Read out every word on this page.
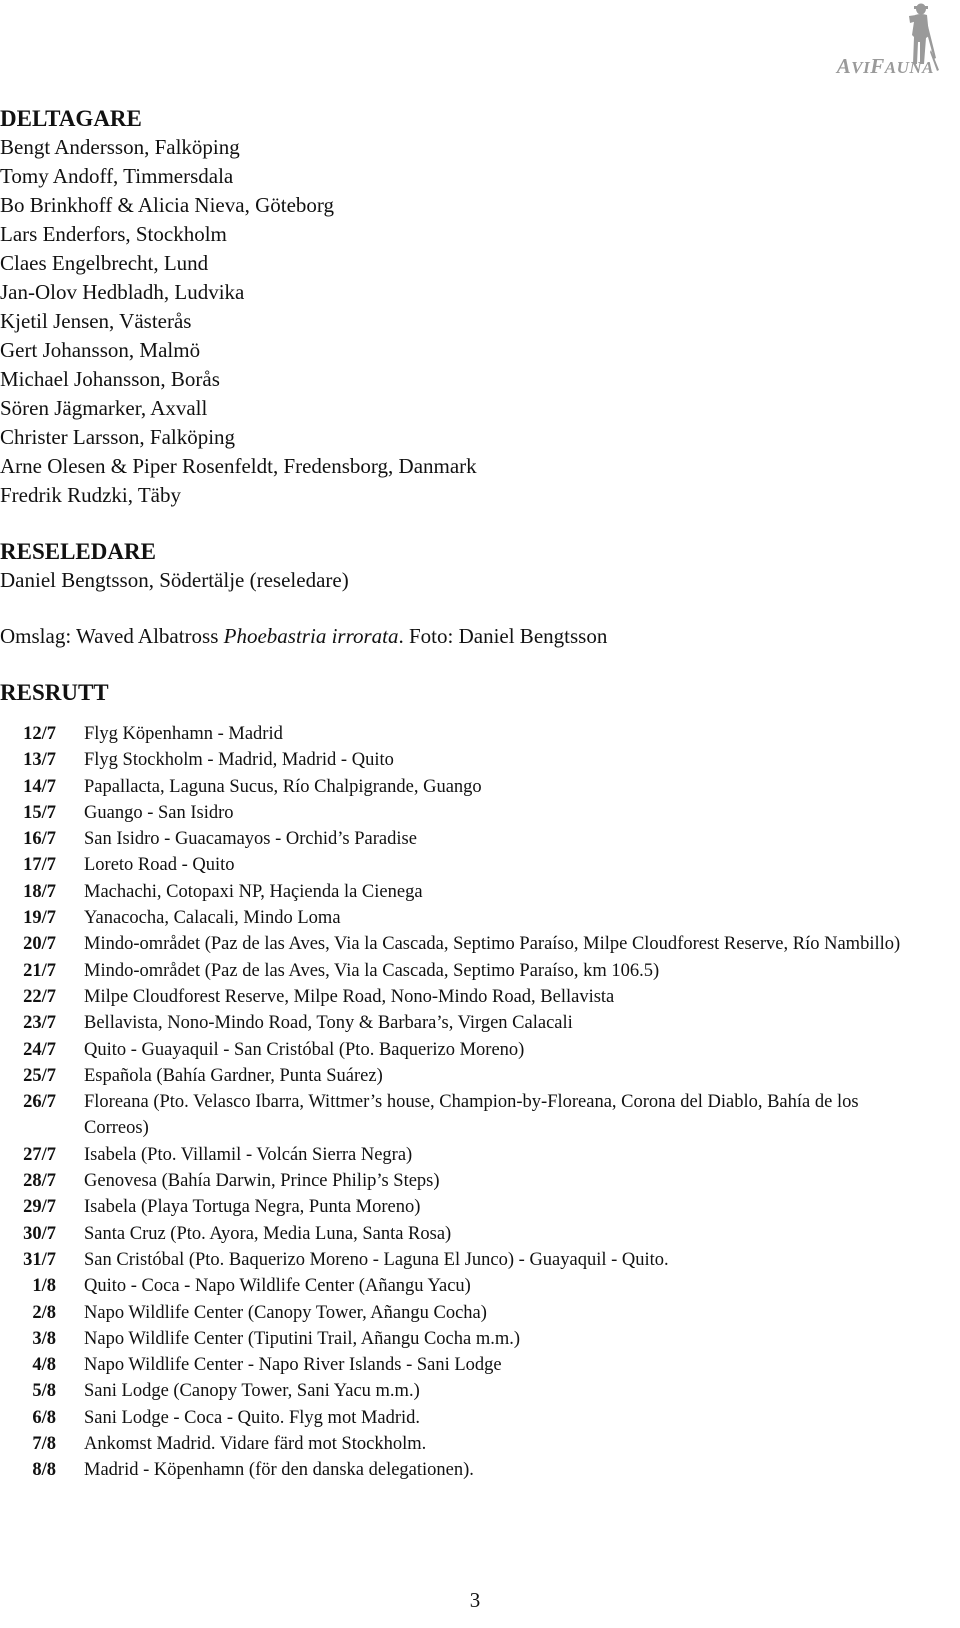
AVIFAUNA

DELTAGARE

Bengt Andersson, Falköping

Tomy Andoff, Timmersdala

Bo Brinkhoff & Alicia Nieva, Göteborg

Lars Enderfors, Stockholm

Claes Engelbrecht, Lund

Jan-Olov Hedbladh, Ludvika

Kjetil Jensen, Västerås

Gert Johansson, Malmö

Michael Johansson, Borås

Sören Jägmarker, Axvall

Christer Larsson, Falköping

Arne Olesen & Piper Rosenfeldt, Fredensborg, Danmark

Fredrik Rudzki, Täby

RESELEDARE

Daniel Bengtsson, Södertälje (reseledare)

Omslag: Waved Albatross Phoebastria irrorata. Foto: Daniel Bengtsson

RESRUTT

12/7	Flyg Köpenhamn - Madrid
13/7	Flyg Stockholm - Madrid, Madrid - Quito
14/7	Papallacta, Laguna Sucus, Río Chalpigrande, Guango
15/7	Guango - San Isidro
16/7	San Isidro - Guacamayos - Orchid’s Paradise
17/7	Loreto Road - Quito
18/7	Machachi, Cotopaxi NP, Haçienda la Cienega
19/7	Yanacocha, Calacali, Mindo Loma
20/7	Mindo-området (Paz de las Aves, Via la Cascada, Septimo Paraíso, Milpe Cloudforest Reserve, Río Nambillo)
21/7	Mindo-området (Paz de las Aves, Via la Cascada, Septimo Paraíso, km 106.5)
22/7	Milpe Cloudforest Reserve, Milpe Road, Nono-Mindo Road, Bellavista
23/7	Bellavista, Nono-Mindo Road, Tony & Barbara’s, Virgen Calacali
24/7	Quito - Guayaquil - San Cristóbal (Pto. Baquerizo Moreno)
25/7	Española (Bahía Gardner, Punta Suárez)
26/7	Floreana (Pto. Velasco Ibarra, Wittmer’s house, Champion-by-Floreana, Corona del Diablo, Bahía de los Correos)
27/7	Isabela (Pto. Villamil - Volcán Sierra Negra)
28/7	Genovesa (Bahía Darwin, Prince Philip’s Steps)
29/7	Isabela (Playa Tortuga Negra, Punta Moreno)
30/7	Santa Cruz (Pto. Ayora, Media Luna, Santa Rosa)
31/7	San Cristóbal (Pto. Baquerizo Moreno - Laguna El Junco) - Guayaquil - Quito.
1/8	Quito - Coca - Napo Wildlife Center (Añangu Yacu)
2/8	Napo Wildlife Center (Canopy Tower, Añangu Cocha)
3/8	Napo Wildlife Center (Tiputini Trail, Añangu Cocha m.m.)
4/8	Napo Wildlife Center - Napo River Islands - Sani Lodge
5/8	Sani Lodge (Canopy Tower, Sani Yacu m.m.)
6/8	Sani Lodge - Coca - Quito. Flyg mot Madrid.
7/8	Ankomst Madrid. Vidare färd mot Stockholm.
8/8	Madrid - Köpenhamn (för den danska delegationen).
3
